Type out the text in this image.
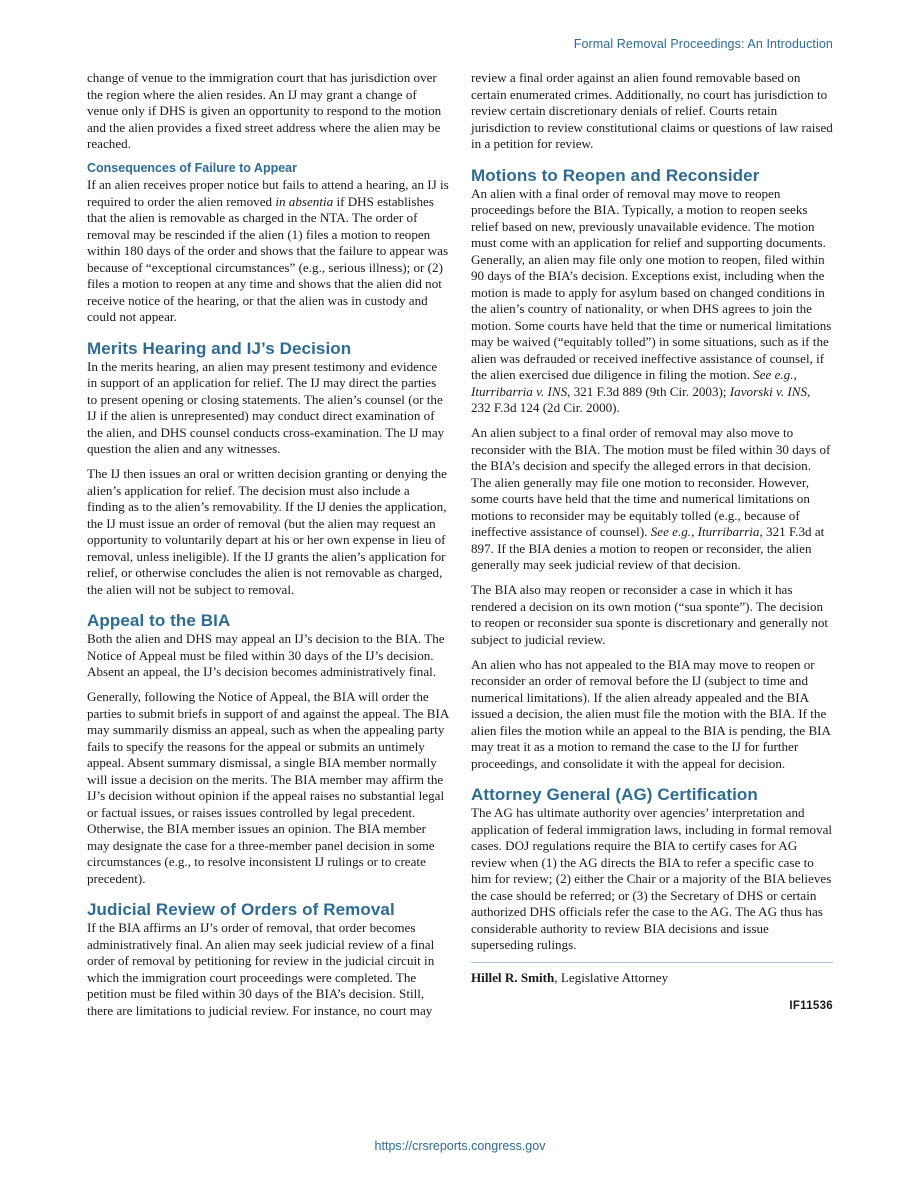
Formal Removal Proceedings: An Introduction

change of venue to the immigration court that has jurisdiction over the region where the alien resides. An IJ may grant a change of venue only if DHS is given an opportunity to respond to the motion and the alien provides a fixed street address where the alien may be reached.

Consequences of Failure to Appear

If an alien receives proper notice but fails to attend a hearing, an IJ is required to order the alien removed in absentia if DHS establishes that the alien is removable as charged in the NTA. The order of removal may be rescinded if the alien (1) files a motion to reopen within 180 days of the order and shows that the failure to appear was because of “exceptional circumstances” (e.g., serious illness); or (2) files a motion to reopen at any time and shows that the alien did not receive notice of the hearing, or that the alien was in custody and could not appear.

Merits Hearing and IJ’s Decision

In the merits hearing, an alien may present testimony and evidence in support of an application for relief. The IJ may direct the parties to present opening or closing statements. The alien’s counsel (or the IJ if the alien is unrepresented) may conduct direct examination of the alien, and DHS counsel conducts cross-examination. The IJ may question the alien and any witnesses.

The IJ then issues an oral or written decision granting or denying the alien’s application for relief. The decision must also include a finding as to the alien’s removability. If the IJ denies the application, the IJ must issue an order of removal (but the alien may request an opportunity to voluntarily depart at his or her own expense in lieu of removal, unless ineligible). If the IJ grants the alien’s application for relief, or otherwise concludes the alien is not removable as charged, the alien will not be subject to removal.

Appeal to the BIA

Both the alien and DHS may appeal an IJ’s decision to the BIA. The Notice of Appeal must be filed within 30 days of the IJ’s decision. Absent an appeal, the IJ’s decision becomes administratively final.

Generally, following the Notice of Appeal, the BIA will order the parties to submit briefs in support of and against the appeal. The BIA may summarily dismiss an appeal, such as when the appealing party fails to specify the reasons for the appeal or submits an untimely appeal. Absent summary dismissal, a single BIA member normally will issue a decision on the merits. The BIA member may affirm the IJ’s decision without opinion if the appeal raises no substantial legal or factual issues, or raises issues controlled by legal precedent. Otherwise, the BIA member issues an opinion. The BIA member may designate the case for a three-member panel decision in some circumstances (e.g., to resolve inconsistent IJ rulings or to create precedent).

Judicial Review of Orders of Removal

If the BIA affirms an IJ’s order of removal, that order becomes administratively final. An alien may seek judicial review of a final order of removal by petitioning for review in the judicial circuit in which the immigration court proceedings were completed. The petition must be filed within 30 days of the BIA’s decision. Still, there are limitations to judicial review. For instance, no court may

review a final order against an alien found removable based on certain enumerated crimes. Additionally, no court has jurisdiction to review certain discretionary denials of relief. Courts retain jurisdiction to review constitutional claims or questions of law raised in a petition for review.

Motions to Reopen and Reconsider

An alien with a final order of removal may move to reopen proceedings before the BIA. Typically, a motion to reopen seeks relief based on new, previously unavailable evidence. The motion must come with an application for relief and supporting documents. Generally, an alien may file only one motion to reopen, filed within 90 days of the BIA’s decision. Exceptions exist, including when the motion is made to apply for asylum based on changed conditions in the alien’s country of nationality, or when DHS agrees to join the motion. Some courts have held that the time or numerical limitations may be waived (“equitably tolled”) in some situations, such as if the alien was defrauded or received ineffective assistance of counsel, if the alien exercised due diligence in filing the motion. See e.g., Iturribarria v. INS, 321 F.3d 889 (9th Cir. 2003); Iavorski v. INS, 232 F.3d 124 (2d Cir. 2000).

An alien subject to a final order of removal may also move to reconsider with the BIA. The motion must be filed within 30 days of the BIA’s decision and specify the alleged errors in that decision. The alien generally may file one motion to reconsider. However, some courts have held that the time and numerical limitations on motions to reconsider may be equitably tolled (e.g., because of ineffective assistance of counsel). See e.g., Iturribarria, 321 F.3d at 897. If the BIA denies a motion to reopen or reconsider, the alien generally may seek judicial review of that decision.

The BIA also may reopen or reconsider a case in which it has rendered a decision on its own motion (“sua sponte”). The decision to reopen or reconsider sua sponte is discretionary and generally not subject to judicial review.

An alien who has not appealed to the BIA may move to reopen or reconsider an order of removal before the IJ (subject to time and numerical limitations). If the alien already appealed and the BIA issued a decision, the alien must file the motion with the BIA. If the alien files the motion while an appeal to the BIA is pending, the BIA may treat it as a motion to remand the case to the IJ for further proceedings, and consolidate it with the appeal for decision.

Attorney General (AG) Certification

The AG has ultimate authority over agencies’ interpretation and application of federal immigration laws, including in formal removal cases. DOJ regulations require the BIA to certify cases for AG review when (1) the AG directs the BIA to refer a specific case to him for review; (2) either the Chair or a majority of the BIA believes the case should be referred; or (3) the Secretary of DHS or certain authorized DHS officials refer the case to the AG. The AG thus has considerable authority to review BIA decisions and issue superseding rulings.

Hillel R. Smith, Legislative Attorney
IF11536
https://crsreports.congress.gov
